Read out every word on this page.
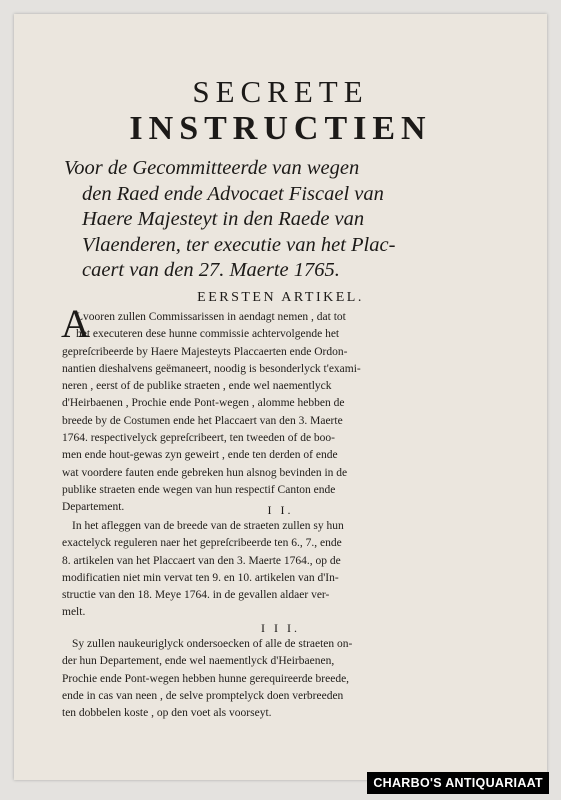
SECRETE
INSTRUCTIEN
Voor de Gecommitteerde van wegen
den Raed ende Advocaet Fiscael van
Haere Majesteyt in den Raede van
Vlaenderen, ter executie van het Plac-
caert van den 27. Maerte 1765.
EERSTEN ARTIKEL.
A
Lvooren zullen Commissarissen in aendagt nemen , dat tot
het executeren dese hunne commissie achtervolgende het
gepreſcribeerde by Haere Majesteyts Placcaerten ende Ordon-
nantien dieshalvens geëmaneert, noodig is besonderlyck t'exami-
neren , eerst of de publike straeten , ende wel naementlyck
d'Heirbaenen , Prochie ende Pont-wegen , alomme hebben de
breede by de Costumen ende het Placcaert van den 3. Maerte
1764. respectivelyck gepreſcribeert, ten tweeden of de boo-
men ende hout-gewas zyn geweirt , ende ten derden of ende
wat voordere fauten ende gebreken hun alsnog bevinden in de
publike straeten ende wegen van hun respectif Canton ende
Departement.	I I.
In het afleggen van de breede van de straeten zullen sy hun
exactelyck reguleren naer het gepreſcribeerde ten 6., 7., ende
8. artikelen van het Placcaert van den 3. Maerte 1764., op de
modificatien niet min vervat ten 9. en 10. artikelen van d'In-
structie van den 18. Meye 1764. in de gevallen aldaer ver-
melt.
I I I.
Sy zullen naukeuriglyck ondersoecken of alle de straeten on-
der hun Departement, ende wel naementlyck d'Heirbaenen,
Prochie ende Pont-wegen hebben hunne gerequireerde breede,
ende in cas van neen , de selve promptelyck doen verbreeden
ten dobbelen koste , op den voet als voorseyt.
CHARBO'S ANTIQUARIAAT
